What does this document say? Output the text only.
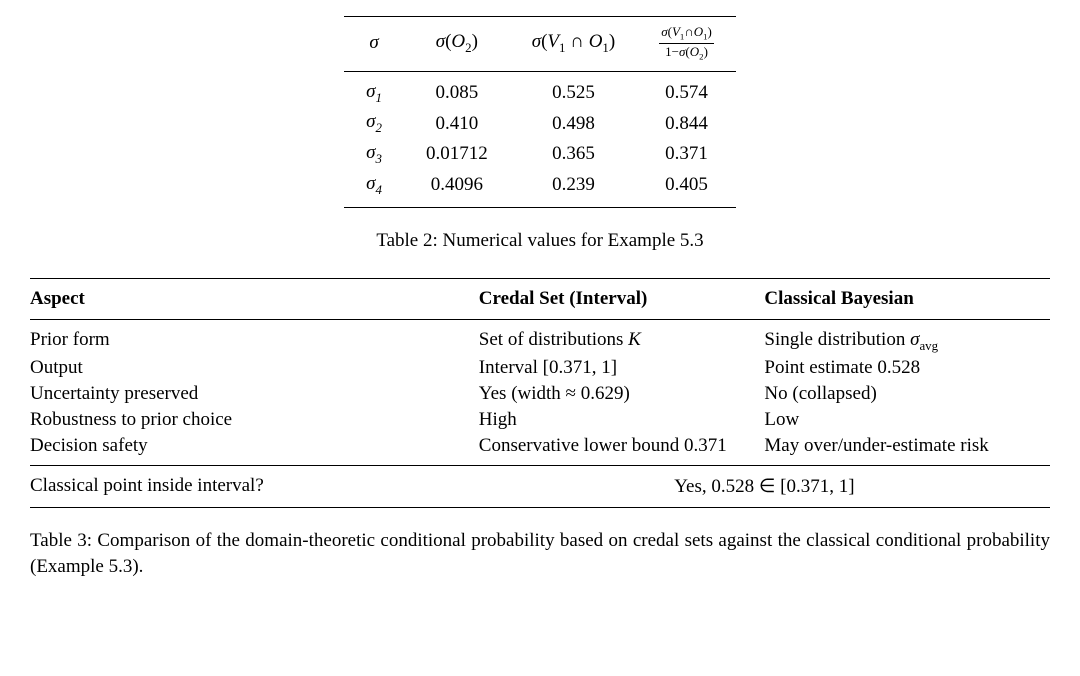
σ	$\sigma(O_2)$	$\sigma(V_1$ ∩ $O_1$)	$\frac{\sigma(V_1\cap O_1)}{1-\sigma(O_2)}$

$\sigma_1$	0.085	0.525	0.574
$\sigma_2$	0.410	0.498	0.844
$\sigma_3$	0.01712	0.365	0.371
$\sigma_4$	0.4096	0.239	0.405
Table 2: Numerical values for Example 5.3
Aspect	Credal Set (Interval)	Classical Bayesian
Prior form	Set of distributions K	Single distribution $\sigma_{avg}$
Output	Interval [0.371, 1]	Point estimate 0.528
Uncertainty preserved	Yes (width ≈ 0.629)	No (collapsed)
Robustness to prior choice	High	Low
Decision safety	Conservative lower bound 0.371	May over/under-estimate risk
Classical point inside interval?	Yes, 0.528 ∈ [0.371, 1]	
Table 3: Comparison of the domain-theoretic conditional probability based on credal sets against the classical conditional probability (Example 5.3).
